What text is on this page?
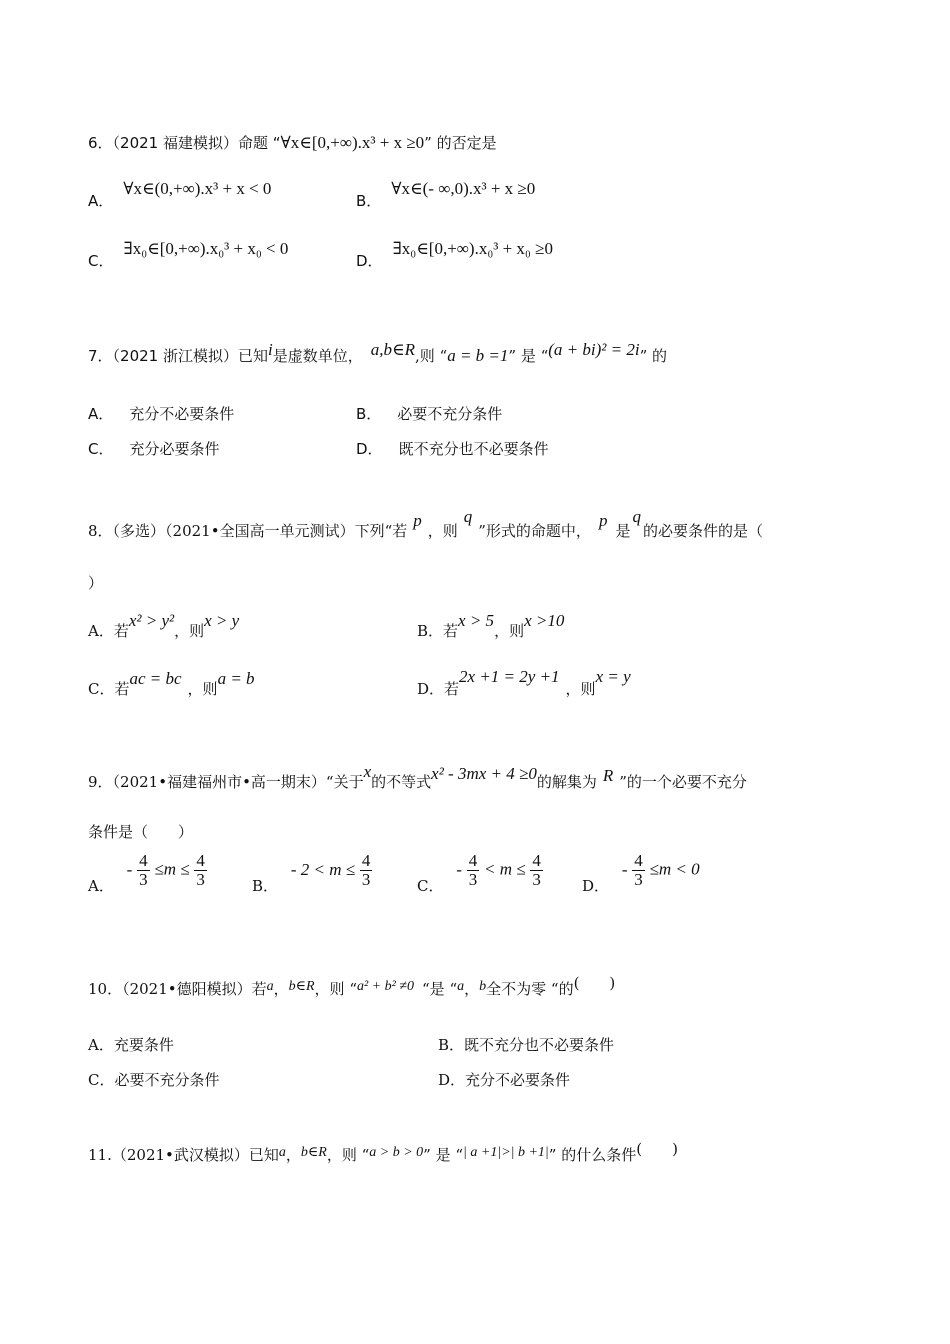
6．（2021 福建模拟）命题 “∀x∈[0,+∞).x³ + x ≥0” 的否定是
A．∀x∈(0,+∞).x³ + x < 0
B．∀x∈(- ∞,0).x³ + x ≥0
C．∃x₀∈[0,+∞).x₀³ + x₀ < 0
D．∃x₀∈[0,+∞).x₀³ + x₀ ≥0
7．（2021 浙江模拟）已知i是虚数单位， a,b∈R,则 “a = b =1” 是 “(a + bi)² = 2i” 的
A． 充分不必要条件	B． 必要不充分条件
C． 充分必要条件	D． 既不充分也不必要条件
8．（多选）（2021•全国高一单元测试）下列“若p，则q”形式的命题中，p是q的必要条件的是（
）
A．若x² > y²，则x > y
B．若x > 5，则x >10
C．若ac = bc，则a = b
D．若2x +1 = 2y +1，则x = y
9．（2021•福建福州市•高一期末）“关于x的不等式x² - 3mx + 4 ≥0的解集为 R ”的一个必要不充分
条件是（　　）
A． - $\frac{4}{3} \le m \le \frac{4}{3}$	B． - $2 < m \le \frac{4}{3}$	C． - $\frac{4}{3} < m \le \frac{4}{3}$	D． - $\frac{4}{3} \le m < 0$
10．（2021•德阳模拟）若a，b∈R，则 “a² + b² ≠0 “是 “a，b全不为零 “的(　　)
A．充要条件	B．既不充分也不必要条件
C．必要不充分条件	D．充分不必要条件
11.（2021•武汉模拟）已知a，b∈R，则 “a > b > 0” 是 “| a +1|>| b +1|” 的什么条件(　　)
